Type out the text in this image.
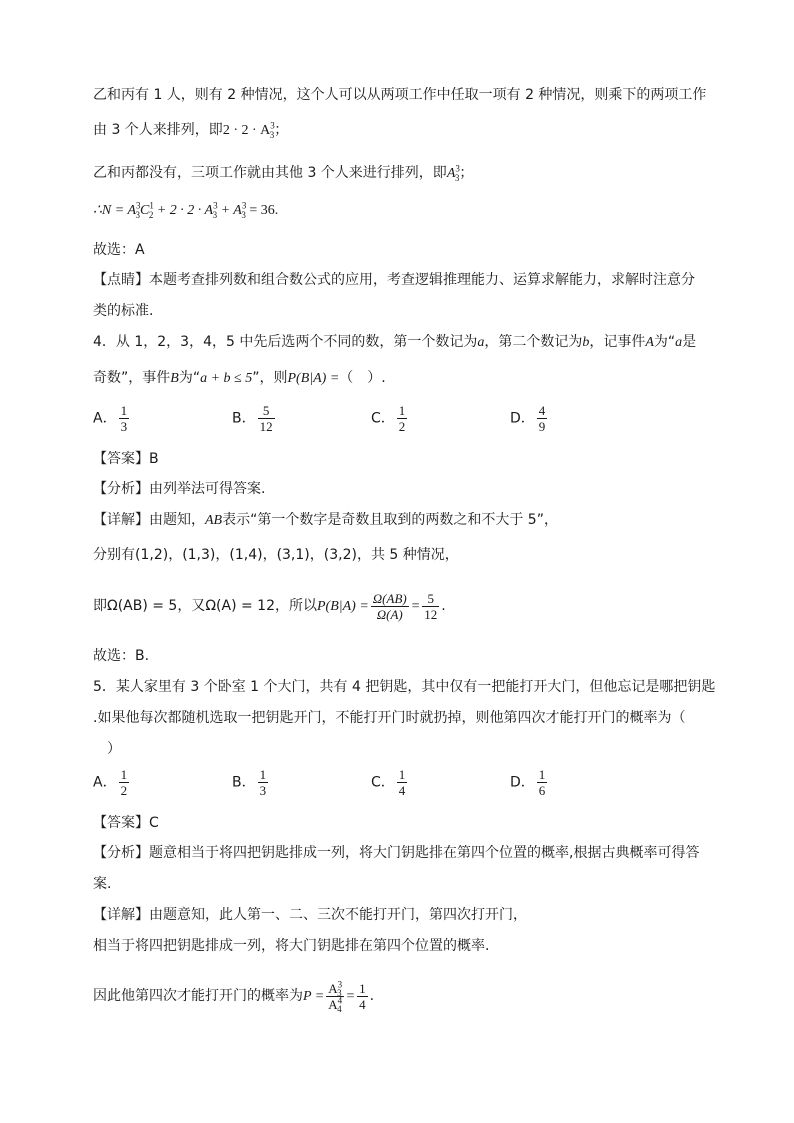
乙和丙有 1 人，则有 2 种情况，这个人可以从两项工作中任取一项有 2 种情况，则乘下的两项工作
由 3 个人来排列，即$2 \cdot 2 \cdot A^3_3$；
乙和丙都没有，三项工作就由其他 3 个人来进行排列，即$A^3_3$；
∴N = $A^3_3C^1_2 + 2 \cdot 2 \cdot A^3_3 + A^3_3 = 36$.
故选：A
【点睛】本题考查排列数和组合数公式的应用，考查逻辑推理能力、运算求解能力，求解时注意分
类的标准.
4．从 1，2，3，4，5 中先后选两个不同的数，第一个数记为a，第二个数记为b，记事件A为“a是
奇数”，事件B为“a + b ≤ 5”，则P(B|A) =（　）.
A． $\frac{1}{3}$	B． $\frac{5}{12}$	C． $\frac{1}{2}$	D． $\frac{4}{9}$
【答案】B
【分析】由列举法可得答案.
【详解】由题知，AB表示“第一个数字是奇数且取到的两数之和不大于 5”，
分别有(1,2)，(1,3)，(1,4)，(3,1)，(3,2)，共 5 种情况，
即Ω(AB) = 5，又Ω(A) = 12，所以$P(B|A) = \frac{\Omega(AB)}{\Omega(A)} = \frac{5}{12}$ .
故选：B.
5．某人家里有 3 个卧室 1 个大门，共有 4 把钥匙，其中仅有一把能打开大门，但他忘记是哪把钥匙
.如果他每次都随机选取一把钥匙开门，不能打开门时就扔掉，则他第四次才能打开门的概率为（
）
A． $\frac{1}{2}$	B． $\frac{1}{3}$	C． $\frac{1}{4}$	D． $\frac{1}{6}$
【答案】C
【分析】题意相当于将四把钥匙排成一列，将大门钥匙排在第四个位置的概率,根据古典概率可得答
案.
【详解】由题意知，此人第一、二、三次不能打开门，第四次打开门，
相当于将四把钥匙排成一列，将大门钥匙排在第四个位置的概率.
因此他第四次才能打开门的概率为$P = \frac{A^3_3}{A^4_4} = \frac{1}{4}$ .
